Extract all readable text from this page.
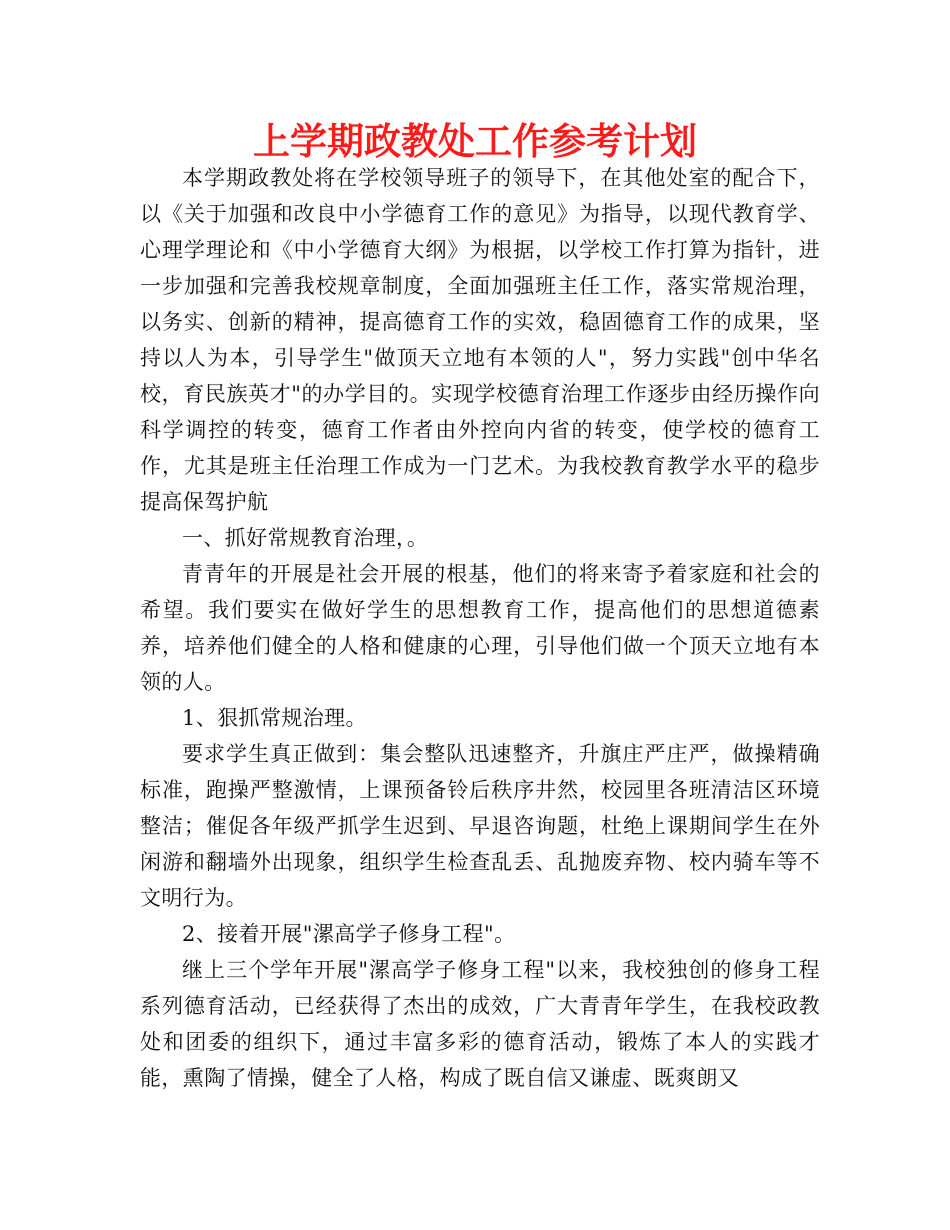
上学期政教处工作参考计划

本学期政教处将在学校领导班子的领导下，在其他处室的配合下，以《关于加强和改良中小学德育工作的意见》为指导，以现代教育学、心理学理论和《中小学德育大纲》为根据，以学校工作打算为指针，进一步加强和完善我校规章制度，全面加强班主任工作，落实常规治理，以务实、创新的精神，提高德育工作的实效，稳固德育工作的成果，坚持以人为本，引导学生"做顶天立地有本领的人"，努力实践"创中华名校，育民族英才"的办学目的。实现学校德育治理工作逐步由经历操作向科学调控的转变，德育工作者由外控向内省的转变，使学校的德育工作，尤其是班主任治理工作成为一门艺术。为我校教育教学水平的稳步提高保驾护航

一、抓好常规教育治理，。

青青年的开展是社会开展的根基，他们的将来寄予着家庭和社会的希望。我们要实在做好学生的思想教育工作，提高他们的思想道德素养，培养他们健全的人格和健康的心理，引导他们做一个顶天立地有本领的人。

1、狠抓常规治理。

要求学生真正做到：集会整队迅速整齐，升旗庄严庄严，做操精确标准，跑操严整激情，上课预备铃后秩序井然，校园里各班清洁区环境整洁；催促各年级严抓学生迟到、早退咨询题，杜绝上课期间学生在外闲游和翻墙外出现象，组织学生检查乱丢、乱抛废弃物、校内骑车等不文明行为。

2、接着开展"漯高学子修身工程"。

继上三个学年开展"漯高学子修身工程"以来，我校独创的修身工程系列德育活动，已经获得了杰出的成效，广大青青年学生，在我校政教处和团委的组织下，通过丰富多彩的德育活动，锻炼了本人的实践才能，熏陶了情操，健全了人格，构成了既自信又谦虚、既爽朗又
